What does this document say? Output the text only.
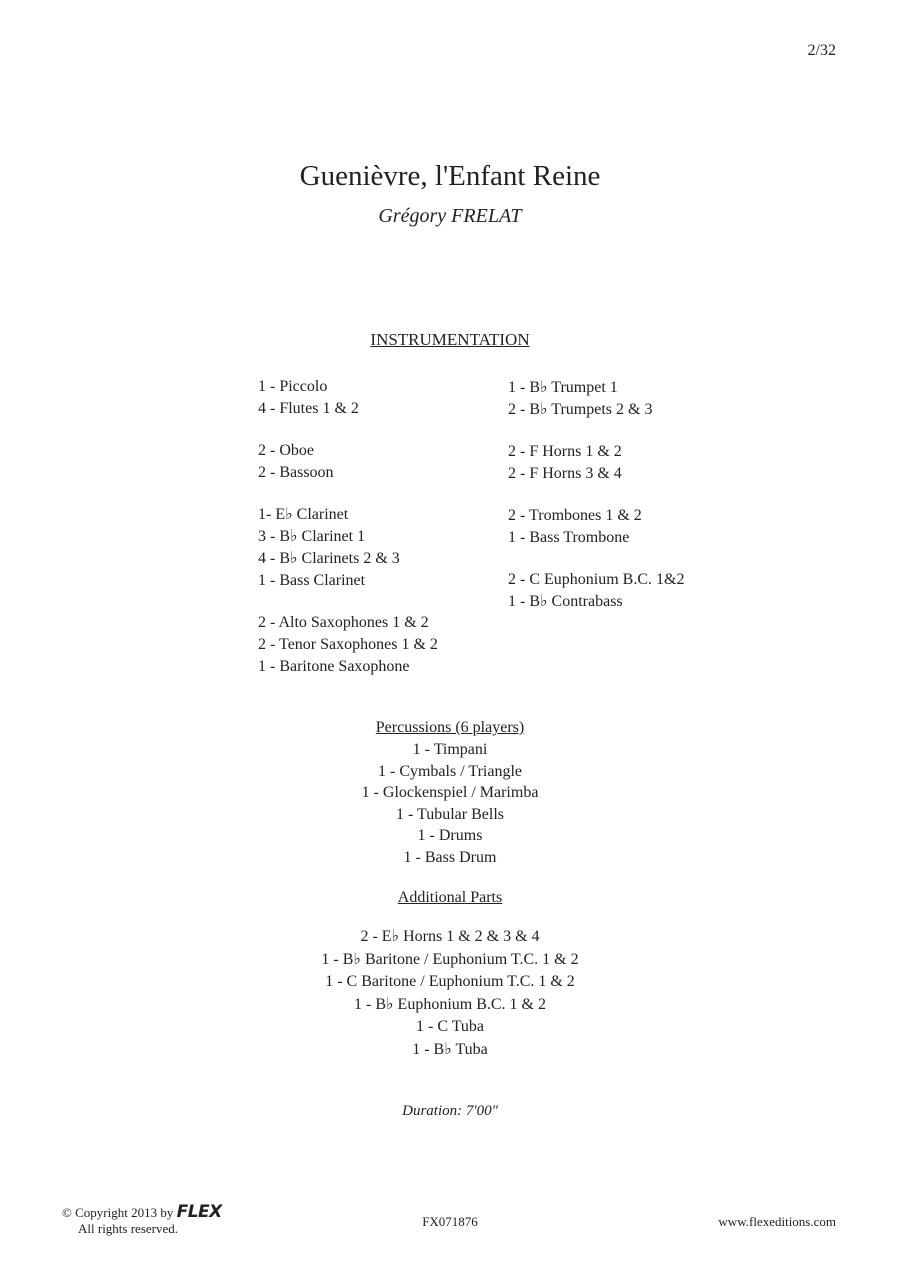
2/32
Guenièvre, l'Enfant Reine
Grégory FRELAT
INSTRUMENTATION
1 - Piccolo
4 - Flutes 1 & 2
2 - Oboe
2 - Bassoon
1- E♭ Clarinet
3 - B♭ Clarinet 1
4 - B♭ Clarinets 2 & 3
1 - Bass Clarinet
2 - Alto Saxophones 1 & 2
2 - Tenor Saxophones 1 & 2
1 - Baritone Saxophone
1 - B♭ Trumpet 1
2 - B♭ Trumpets 2 & 3
2 - F Horns 1 & 2
2 - F Horns 3 & 4
2 - Trombones 1 & 2
1 - Bass Trombone
2 - C Euphonium B.C. 1&2
1 - B♭ Contrabass
Percussions (6 players)
1 - Timpani
1 - Cymbals / Triangle
1 - Glockenspiel / Marimba
1 - Tubular Bells
1 - Drums
1 - Bass Drum
Additional Parts
2 - E♭ Horns 1 & 2 & 3 & 4
1 - B♭ Baritone / Euphonium T.C. 1 & 2
1 - C Baritone / Euphonium T.C. 1 & 2
1 - B♭ Euphonium B.C. 1 & 2
1 - C Tuba
1 - B♭ Tuba
Duration: 7'00"
© Copyright 2013 by FLEX
All rights reserved.	FX071876	www.flexeditions.com
